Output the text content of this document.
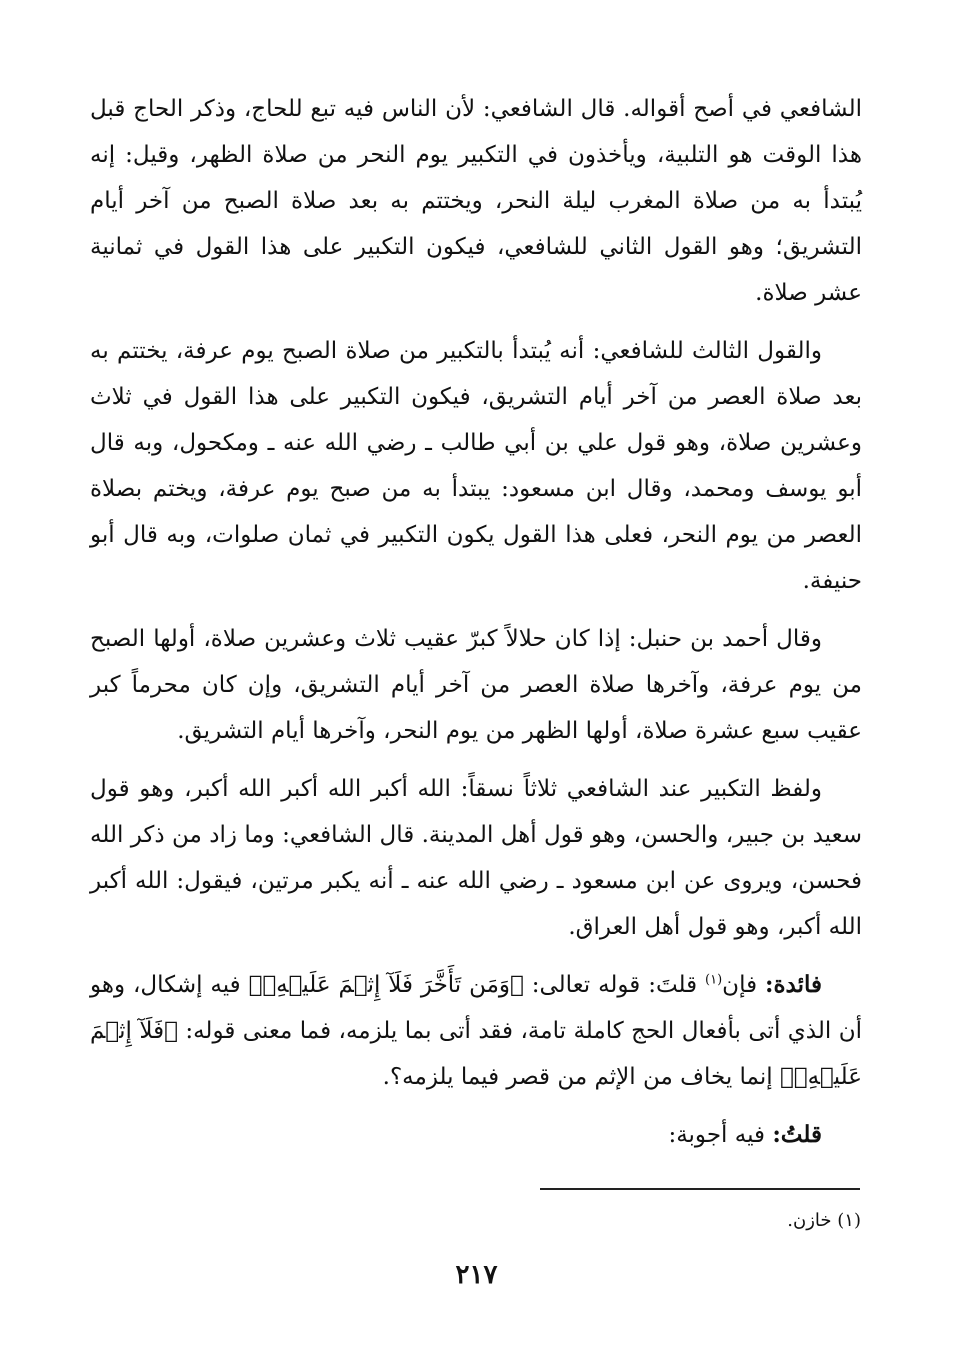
الشافعي في أصح أقواله. قال الشافعي: لأن الناس فيه تبع للحاج، وذكر الحاج قبل هذا الوقت هو التلبية، ويأخذون في التكبير يوم النحر من صلاة الظهر، وقيل: إنه يُبتدأ به من صلاة المغرب ليلة النحر، ويختتم به بعد صلاة الصبح من آخر أيام التشريق؛ وهو القول الثاني للشافعي، فيكون التكبير على هذا القول في ثمانية عشر صلاة.

والقول الثالث للشافعي: أنه يُبتدأ بالتكبير من صلاة الصبح يوم عرفة، يختتم به بعد صلاة العصر من آخر أيام التشريق، فيكون التكبير على هذا القول في ثلاث وعشرين صلاة، وهو قول علي بن أبي طالب ـ رضي الله عنه ـ ومكحول، وبه قال أبو يوسف ومحمد، وقال ابن مسعود: يبتدأ به من صبح يوم عرفة، ويختم بصلاة العصر من يوم النحر، فعلى هذا القول يكون التكبير في ثمان صلوات، وبه قال أبو حنيفة.

وقال أحمد بن حنبل: إذا كان حلالاً كبرّ عقيب ثلاث وعشرين صلاة، أولها الصبح من يوم عرفة، وآخرها صلاة العصر من آخر أيام التشريق، وإن كان محرماً كبر عقيب سبع عشرة صلاة، أولها الظهر من يوم النحر، وآخرها أيام التشريق.

ولفظ التكبير عند الشافعي ثلاثاً نسقاً: الله أكبر الله أكبر الله أكبر، وهو قول سعيد بن جبير، والحسن، وهو قول أهل المدينة. قال الشافعي: وما زاد من ذكر الله فحسن، ويروى عن ابن مسعود ـ رضي الله عنه ـ أنه يكبر مرتين، فيقول: الله أكبر الله أكبر، وهو قول أهل العراق.

فائدة: فإن$^{(١)}$ قلتَ: قوله تعالى: ﴿وَمَن تَأَخَّرَ فَلَآ إِثۡمَ عَلَيۡهِۚ﴾ فيه إشكال، وهو أن الذي أتى بأفعال الحج كاملة تامة، فقد أتى بما يلزمه، فما معنى قوله: ﴿فَلَآ إِثۡمَ عَلَيۡهِۚ﴾ إنما يخاف من الإثم من قصر فيما يلزمه؟.

قلتُ: فيه أجوبة:

(١) خازن.
٢١٧
